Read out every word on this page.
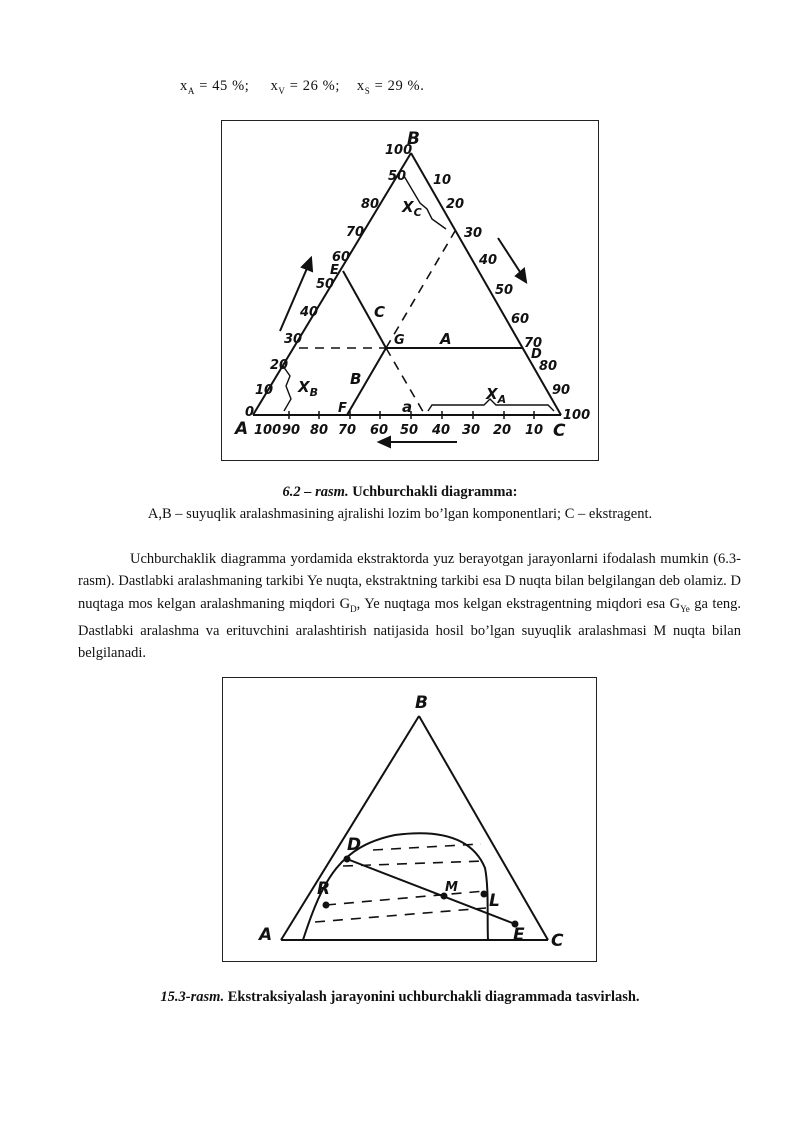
$x_A = 45$ %; $x_V = 26$ %; $x_S = 29$ %.
B
A	C
100
50
80
70
60
50
40
30
20
10
0
10
20
30
40
50
60
70
80
90
100
100 90 80 70 60 50 40 30 20 10
E
C
G A
D
B
F	a
$X_C$
$X_B$	$X_A$
6.2 – rasm. Uchburchakli diagramma:
A,B – suyuqlik aralashmasining ajralishi lozim bo’lgan komponentlari; C – ekstragent.
Uchburchaklik diagramma yordamida ekstraktorda yuz berayotgan jarayonlarni ifodalash mumkin (6.3-rasm). Dastlabki aralashmaning tarkibi Ye nuqta, ekstraktning tarkibi esa D nuqta bilan belgilangan deb olamiz. D nuqtaga mos kelgan aralashmaning miqdori $G_D$, Ye nuqtaga mos kelgan ekstragentning miqdori esa $G_{Ye}$ ga teng. Dastlabki aralashma va erituvchini aralashtirish natijasida hosil bo’lgan suyuqlik aralashmasi M nuqta bilan belgilanadi.
B
A	C
D
R	M
L
E
15.3-rasm. Ekstraksiyalash jarayonini uchburchakli diagrammada tasvirlash.
